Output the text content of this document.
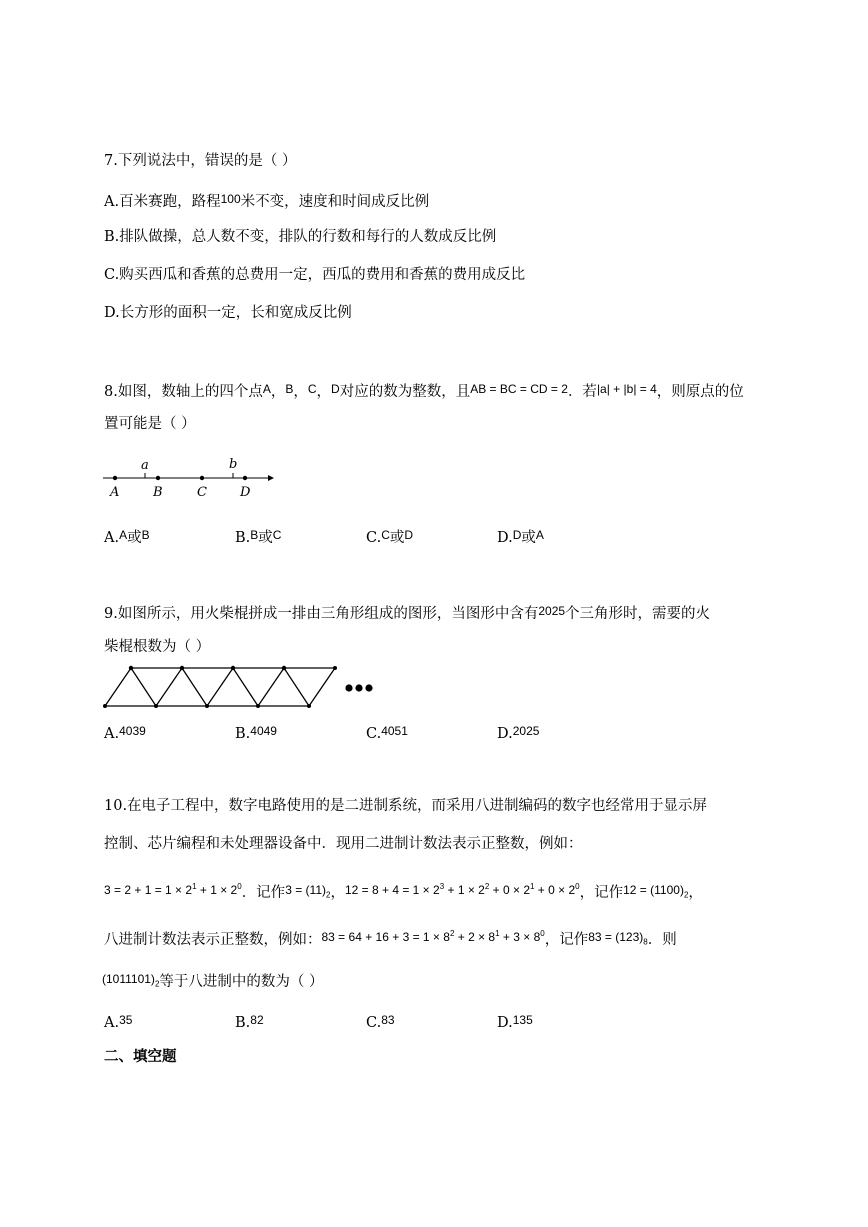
7.下列说法中，错误的是（ ）
A.百米赛跑，路程$^{100}$米不变，速度和时间成反比例
B.排队做操，总人数不变，排队的行数和每行的人数成反比例
C.购买西瓜和香蕉的总费用一定，西瓜的费用和香蕉的费用成反比
D.长方形的面积一定，长和宽成反比例
8.如图，数轴上的四个点$^A$，$^B$，$^C$，$^D$对应的数为整数，且$^{AB = BC = CD = 2}$．若$^{|a| + |b| = 4}$，则原点的位
置可能是（ ）
a	b
A	B	C	D
A.$^A$或$^B$	B.$^B$或$^C$	C.$^C$或$^D$	D.$^D$或$^A$
9.如图所示，用火柴棍拼成一排由三角形组成的图形，当图形中含有$^{2025}$个三角形时，需要的火
柴棍根数为（ ）
A.$^{4039}$	B.$^{4049}$	C.$^{4051}$	D.$^{2025}$
10.在电子工程中，数字电路使用的是二进制系统，而采用八进制编码的数字也经常用于显示屏
控制、芯片编程和未处理器设备中．现用二进制计数法表示正整数，例如：
$^{3 = 2 + 1 = 1 \times 2^1 + 1 \times 2^0}$．记作$^{3 = (11)_2}$，$^{12 = 8 + 4 = 1 \times 2^3 + 1 \times 2^2 + 0 \times 2^1 + 0 \times 2^0}$，记作$^{12 = (1100)_2}$，
八进制计数法表示正整数，例如：$^{83 = 64 + 16 + 3 = 1 \times 8^2 + 2 \times 8^1 + 3 \times 8^0}$，记作$^{83 = (123)_8}$．则
$^{(1011101)_2}$等于八进制中的数为（ ）
A.$^{35}$	B.$^{82}$	C.$^{83}$	D.$^{135}$
二、填空题
